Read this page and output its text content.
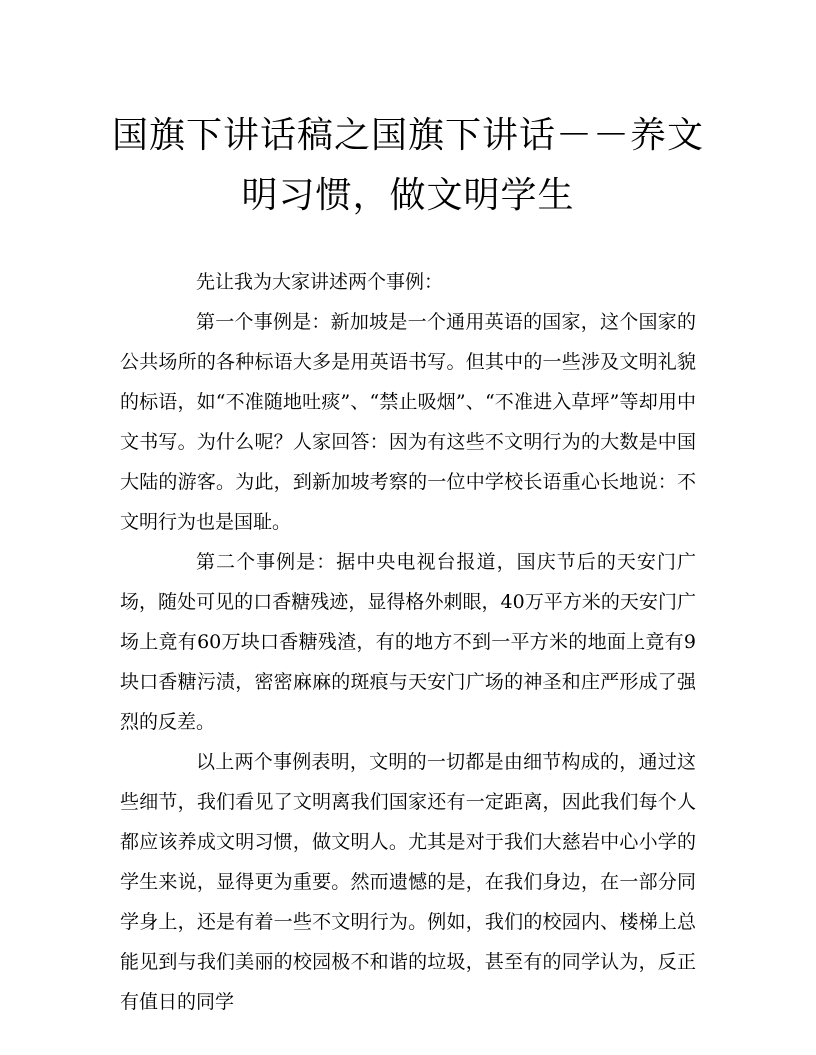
国旗下讲话稿之国旗下讲话－－养文明习惯，做文明学生

先让我为大家讲述两个事例：

第一个事例是：新加坡是一个通用英语的国家，这个国家的公共场所的各种标语大多是用英语书写。但其中的一些涉及文明礼貌的标语，如“不准随地吐痰”、“禁止吸烟”、“不准进入草坪”等却用中文书写。为什么呢？人家回答：因为有这些不文明行为的大数是中国大陆的游客。为此，到新加坡考察的一位中学校长语重心长地说：不文明行为也是国耻。

第二个事例是：据中央电视台报道，国庆节后的天安门广场，随处可见的口香糖残迹，显得格外刺眼，40万平方米的天安门广场上竟有60万块口香糖残渣，有的地方不到一平方米的地面上竟有9块口香糖污渍，密密麻麻的斑痕与天安门广场的神圣和庄严形成了强烈的反差。

以上两个事例表明，文明的一切都是由细节构成的，通过这些细节，我们看见了文明离我们国家还有一定距离，因此我们每个人都应该养成文明习惯，做文明人。尤其是对于我们大慈岩中心小学的学生来说，显得更为重要。然而遗憾的是，在我们身边，在一部分同学身上，还是有着一些不文明行为。例如，我们的校园内、楼梯上总能见到与我们美丽的校园极不和谐的垃圾，甚至有的同学认为，反正有值日的同学
